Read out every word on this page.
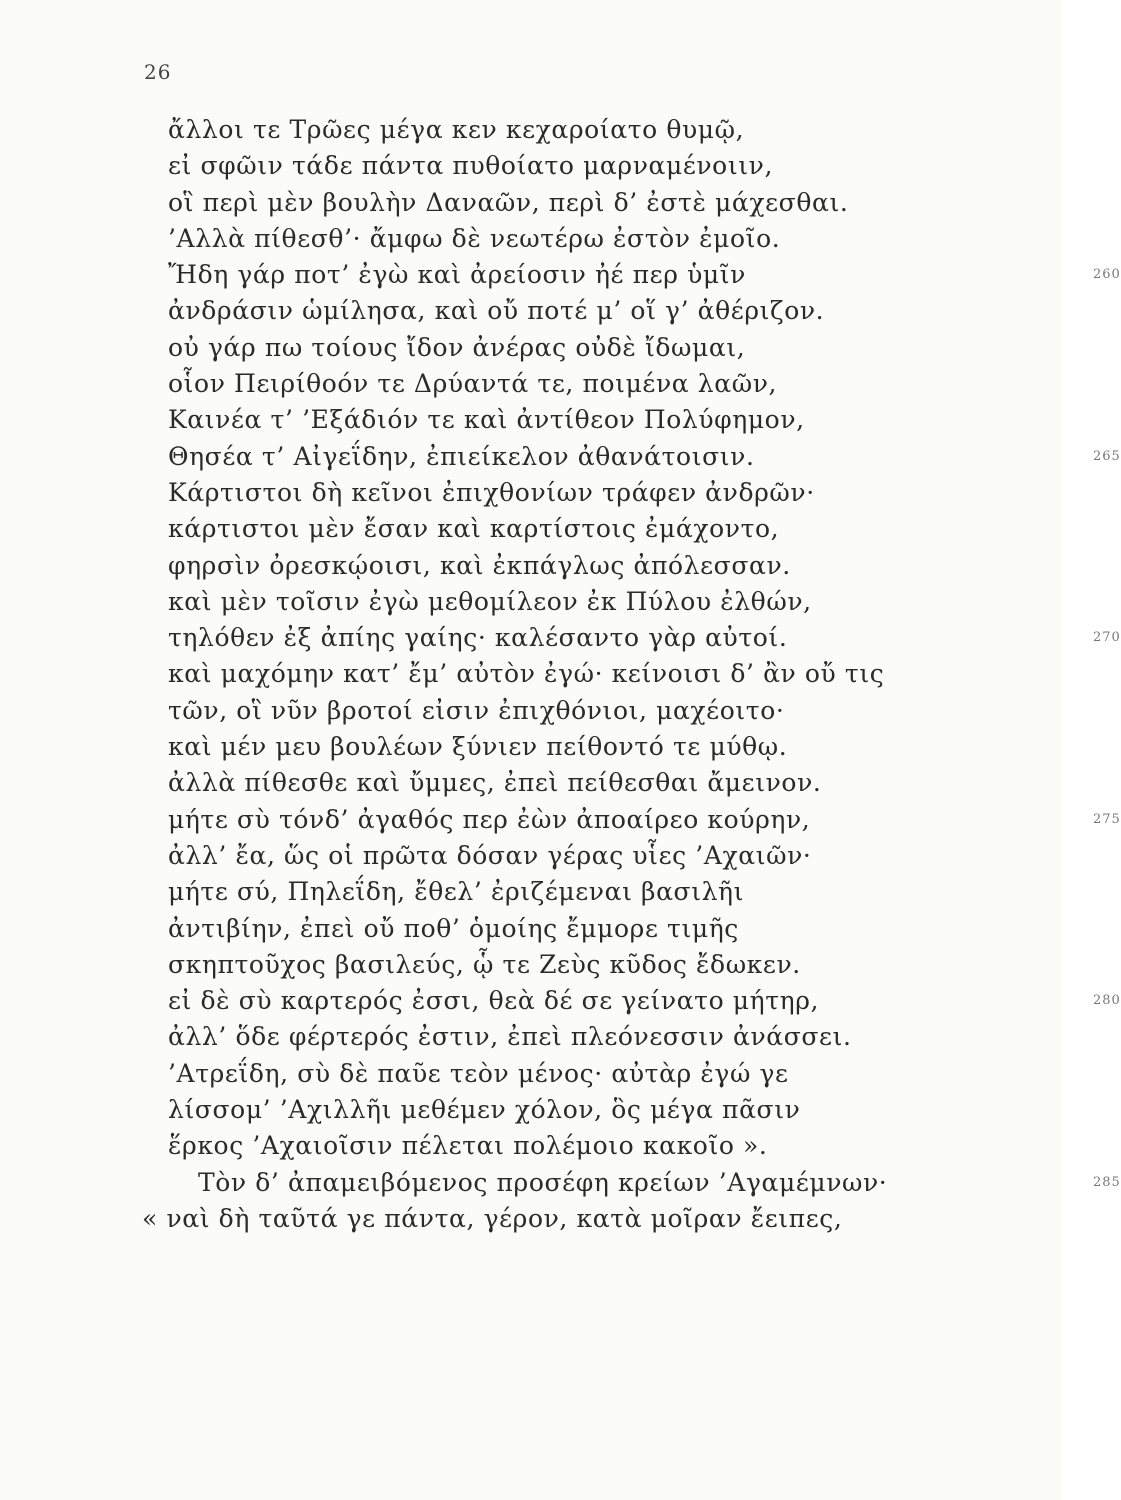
26
ἄλλοι τε Τρῶες μέγα κεν κεχαροίατο θυμῷ,
εἰ σφῶιν τάδε πάντα πυθοίατο μαρναμένοιιν,
οἳ περὶ μὲν βουλὴν Δαναῶν, περὶ δ’ ἐστὲ μάχεσθαι.
’Αλλὰ πίθεσθ’· ἄμφω δὲ νεωτέρω ἐστὸν ἐμοῖο.
Ἤδη γάρ ποτ’ ἐγὼ καὶ ἀρείοσιν ἠέ περ ὑμῖν	260
ἀνδράσιν ὡμίλησα, καὶ οὔ ποτέ μ’ οἵ γ’ ἀθέριζον.
οὐ γάρ πω τοίους ἴδον ἀνέρας οὐδὲ ἴδωμαι,
οἷον Πειρίθοόν τε Δρύαντά τε, ποιμένα λαῶν,
Καινέα τ’ ’Εξάδιόν τε καὶ ἀντίθεον Πολύφημον,
Θησέα τ’ Αἰγεΐδην, ἐπιείκελον ἀθανάτοισιν.	265
Κάρτιστοι δὴ κεῖνοι ἐπιχθονίων τράφεν ἀνδρῶν·
κάρτιστοι μὲν ἔσαν καὶ καρτίστοις ἐμάχοντο,
φηρσὶν ὀρεσκῴοισι, καὶ ἐκπάγλως ἀπόλεσσαν.
καὶ μὲν τοῖσιν ἐγὼ μεθομίλεον ἐκ Πύλου ἐλθών,
τηλόθεν ἐξ ἀπίης γαίης· καλέσαντο γὰρ αὐτοί.	270
καὶ μαχόμην κατ’ ἔμ’ αὐτὸν ἐγώ· κείνοισι δ’ ἂν οὔ τις
τῶν, οἳ νῦν βροτοί εἰσιν ἐπιχθόνιοι, μαχέοιτο·
καὶ μέν μευ βουλέων ξύνιεν πείθοντό τε μύθῳ.
ἀλλὰ πίθεσθε καὶ ὔμμες, ἐπεὶ πείθεσθαι ἄμεινον.
μήτε σὺ τόνδ’ ἀγαθός περ ἐὼν ἀποαίρεο κούρην,	275
ἀλλ’ ἔα, ὥς οἱ πρῶτα δόσαν γέρας υἷες ’Αχαιῶν·
μήτε σύ, Πηλεΐδη, ἔθελ’ ἐριζέμεναι βασιλῆι
ἀντιβίην, ἐπεὶ οὔ ποθ’ ὁμοίης ἔμμορε τιμῆς
σκηπτοῦχος βασιλεύς, ᾧ τε Ζεὺς κῦδος ἔδωκεν.
εἰ δὲ σὺ καρτερός ἐσσι, θεὰ δέ σε γείνατο μήτηρ,	280
ἀλλ’ ὅδε φέρτερός ἐστιν, ἐπεὶ πλεόνεσσιν ἀνάσσει.
’Ατρεΐδη, σὺ δὲ παῦε τεὸν μένος· αὐτὰρ ἐγώ γε
λίσσομ’ ’Αχιλλῆι μεθέμεν χόλον, ὃς μέγα πᾶσιν
ἕρκος ’Αχαιοῖσιν πέλεται πολέμοιο κακοῖο ».
Τὸν δ’ ἀπαμειβόμενος προσέφη κρείων ’Αγαμέμνων·	285
« ναὶ δὴ ταῦτά γε πάντα, γέρον, κατὰ μοῖραν ἔειπες,
